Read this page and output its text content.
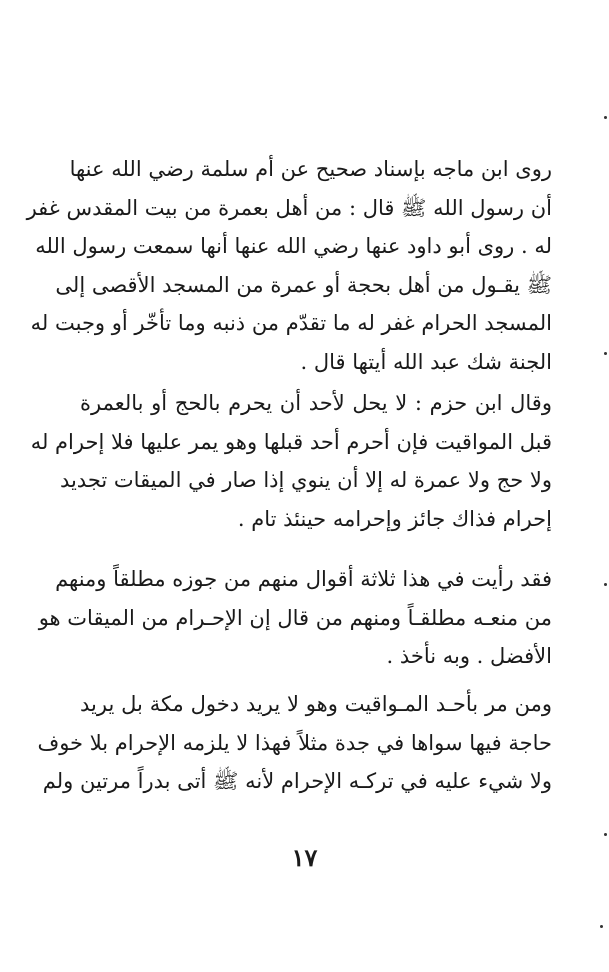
روى ابن ماجه بإسناد صحيح عن أم سلمة رضي الله عنها
أن رسول الله ﷺ قال : من أهل بعمرة من بيت المقدس غفر
له . روى أبو داود عنها رضي الله عنها أنها سمعت رسول الله
ﷺ يقـول من أهل بحجة أو عمرة من المسجد الأقصى إلى
المسجد الحرام غفر له ما تقدّم من ذنبه وما تأخّر أو وجبت له
الجنة شك عبد الله أيتها قال .
وقال ابن حزم : لا يحل لأحد أن يحرم بالحج أو بالعمرة
قبل المواقيت فإن أحرم أحد قبلها وهو يمر عليها فلا إحرام له
ولا حج ولا عمرة له إلا أن ينوي إذا صار في الميقات تجديد
إحرام فذاك جائز وإحرامه حينئذ تام .
فقد رأيت في هذا ثلاثة أقوال منهم من جوزه مطلقاً ومنهم
من منعـه مطلقـاً ومنهم من قال إن الإحـرام من الميقات هو
الأفضل . وبه نأخذ .
ومن مر بأحـد المـواقيت وهو لا يريد دخول مكة بل يريد
حاجة فيها سواها في جدة مثلاً فهذا لا يلزمه الإحرام بلا خوف
ولا شيء عليه في تركـه الإحرام لأنه ﷺ أتى بدراً مرتين ولم
١٧
